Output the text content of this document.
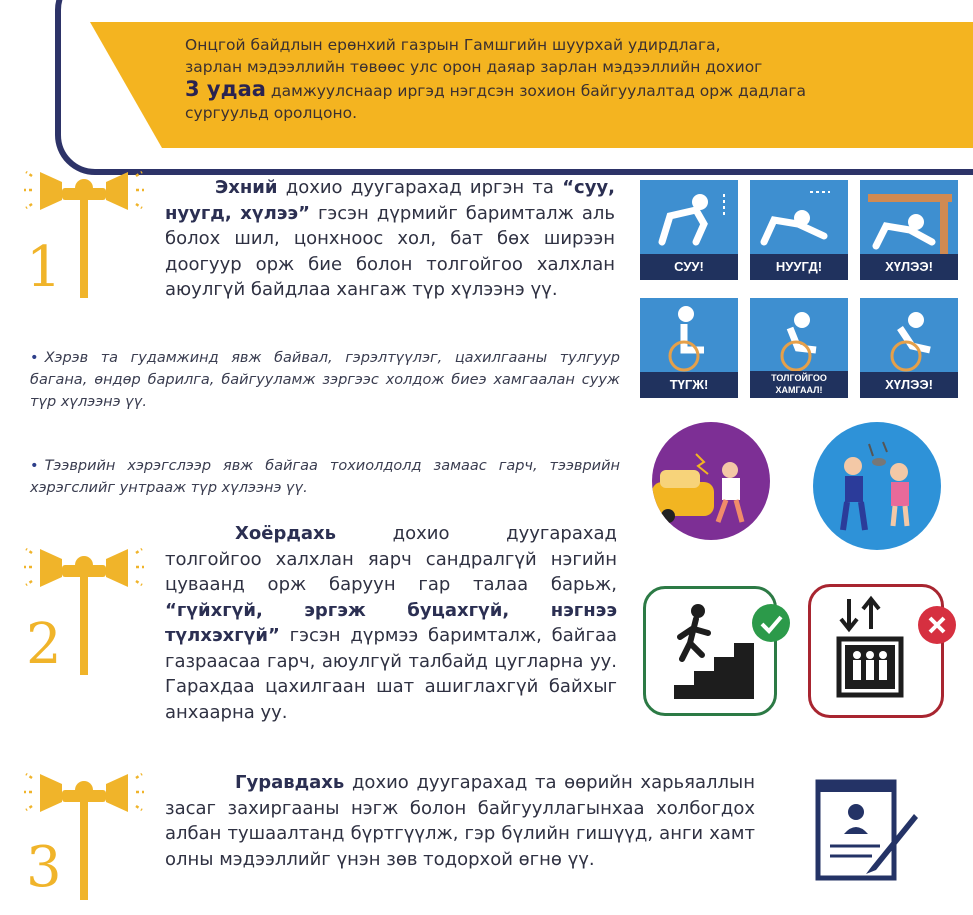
Онцгой байдлын ерөнхий газрын Гамшгийн шуурхай удирдлага,
зарлан мэдээллийн төвөөс улс орон даяар зарлан мэдээллийн дохиог
3 удаа дамжуулснаар иргэд нэгдсэн зохион байгуулалтад орж дадлага
сургуульд оролцоно.
1
Эхний дохио дуугарахад иргэн та “суу, нуугд, хүлээ” гэсэн дүрмийг баримталж аль болох шил, цонхноос хол, бат бөх ширээн доогуур орж бие болон толгойгоо халхлан аюулгүй байдлаа хангаж түр хүлээнэ үү.
• Хэрэв та гудамжинд явж байвал, гэрэлтүүлэг, цахилгааны тулгуур багана, өндөр барилга, байгууламж зэргээс холдож биеэ хамгаалан сууж түр хүлээнэ үү.
• Тээврийн хэрэгслээр явж байгаа тохиолдолд замаас гарч, тээврийн хэрэгслийг унтрааж түр хүлээнэ үү.
2
Хоёрдахь дохио дуугарахад толгойгоо халхлан яарч сандралгүй нэгийн цуваанд орж баруун гар талаа барьж, “гүйхгүй, эргэж буцахгүй, нэгнээ түлхэхгүй” гэсэн дүрмээ баримталж, байгаа газраасаа гарч, аюулгүй талбайд цугларна уу. Гарахдаа цахилгаан шат ашиглахгүй байхыг анхаарна уу.
3
Гуравдахь дохио дуугарахад та өөрийн харьяаллын засаг захиргааны нэгж болон байгууллагынхаа холбогдох албан тушаалтанд бүртгүүлж, гэр бүлийн гишүүд, анги хамт олны мэдээллийг үнэн зөв тодорхой өгнө үү.
СУУ!	НУУГД!	ХҮЛЭЭ!
ТҮГЖ!	ТОЛГОЙГОО
ХАМГААЛ!	ХҮЛЭЭ!
